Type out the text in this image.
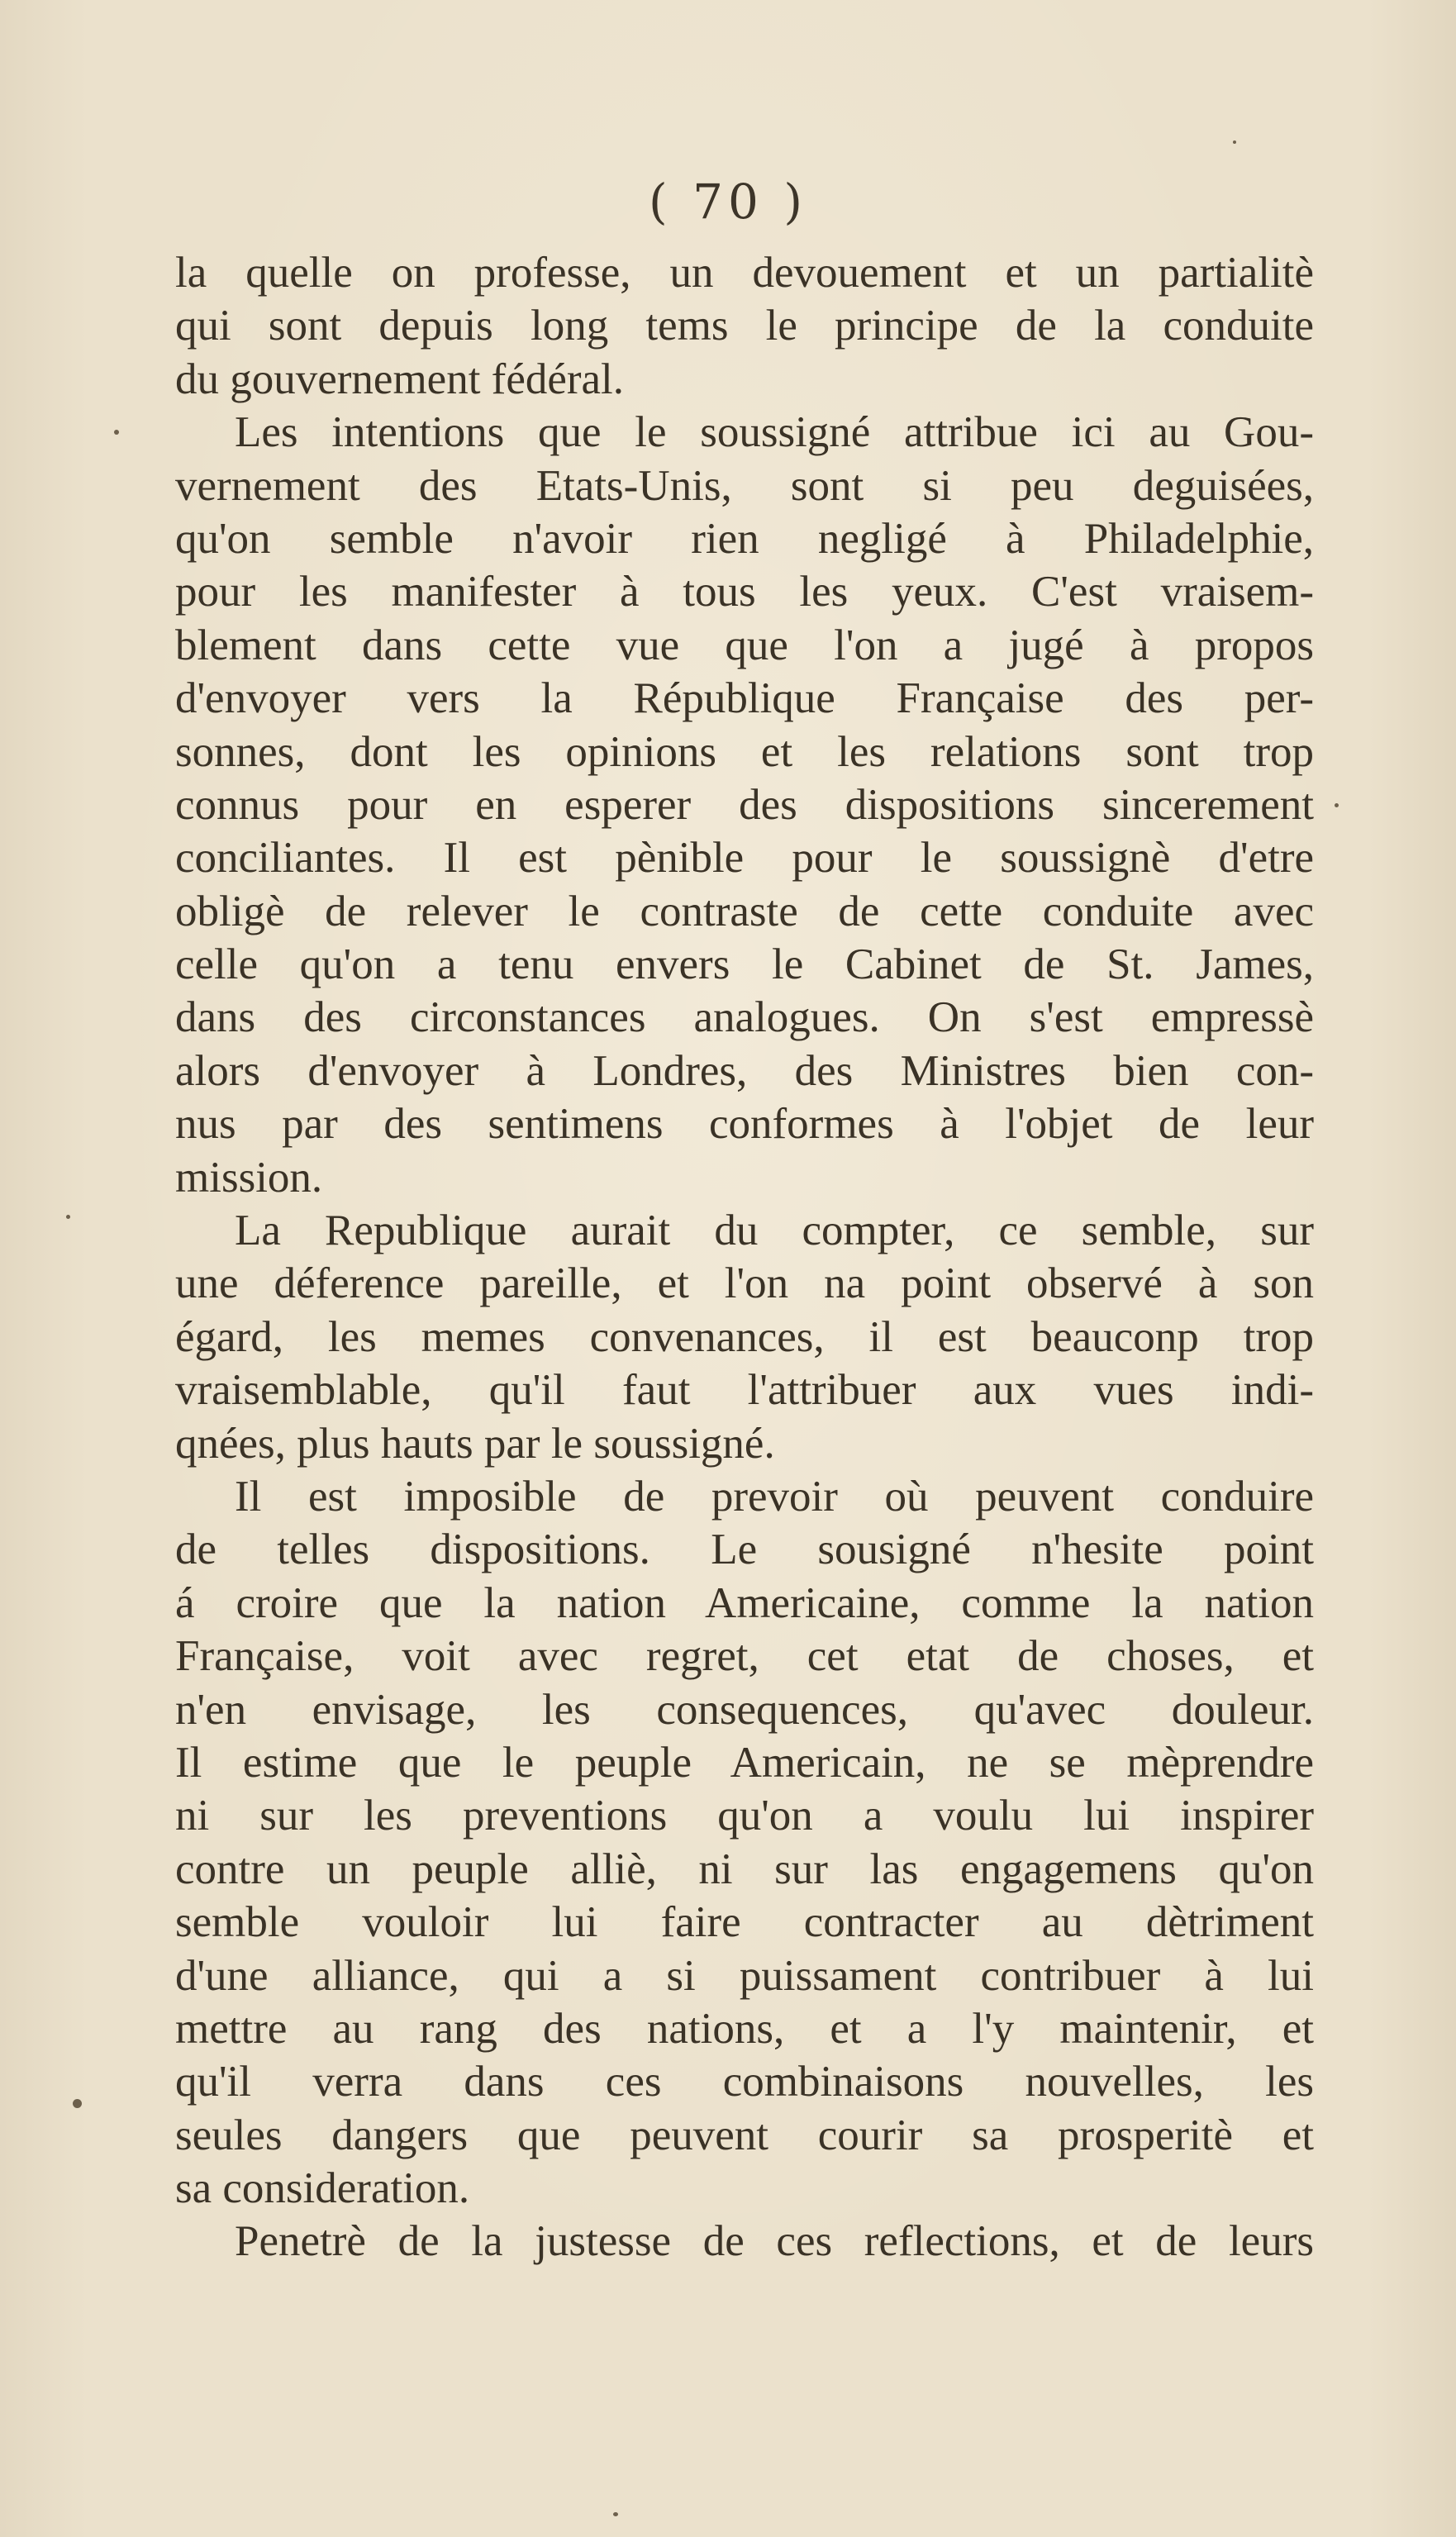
( 70 )
la quelle on professe, un devouement et un partialitè
qui sont depuis long tems le principe de la conduite
du gouvernement fédéral.
Les intentions que le soussigné attribue ici au Gou-
vernement des Etats-Unis, sont si peu deguisées,
qu'on semble n'avoir rien negligé à Philadelphie,
pour les manifester à tous les yeux. C'est vraisem-
blement dans cette vue que l'on a jugé à propos
d'envoyer vers la République Française des per-
sonnes, dont les opinions et les relations sont trop
connus pour en esperer des dispositions sincerement
conciliantes. Il est pènible pour le soussignè d'etre
obligè de relever le contraste de cette conduite avec
celle qu'on a tenu envers le Cabinet de St. James,
dans des circonstances analogues. On s'est empressè
alors d'envoyer à Londres, des Ministres bien con-
nus par des sentimens conformes à l'objet de leur
mission.
La Republique aurait du compter, ce semble, sur
une déference pareille, et l'on na point observé à son
égard, les memes convenances, il est beauconp trop
vraisemblable, qu'il faut l'attribuer aux vues indi-
qnées, plus hauts par le soussigné.
Il est imposible de prevoir où peuvent conduire
de telles dispositions. Le sousigné n'hesite point
á croire que la nation Americaine, comme la nation
Française, voit avec regret, cet etat de choses, et
n'en envisage, les consequences, qu'avec douleur.
Il estime que le peuple Americain, ne se mèprendre
ni sur les preventions qu'on a voulu lui inspirer
contre un peuple alliè, ni sur las engagemens qu'on
semble vouloir lui faire contracter au dètriment
d'une alliance, qui a si puissament contribuer à lui
mettre au rang des nations, et a l'y maintenir, et
qu'il verra dans ces combinaisons nouvelles, les
seules dangers que peuvent courir sa prosperitè et
sa consideration.
Penetrè de la justesse de ces reflections, et de leurs
